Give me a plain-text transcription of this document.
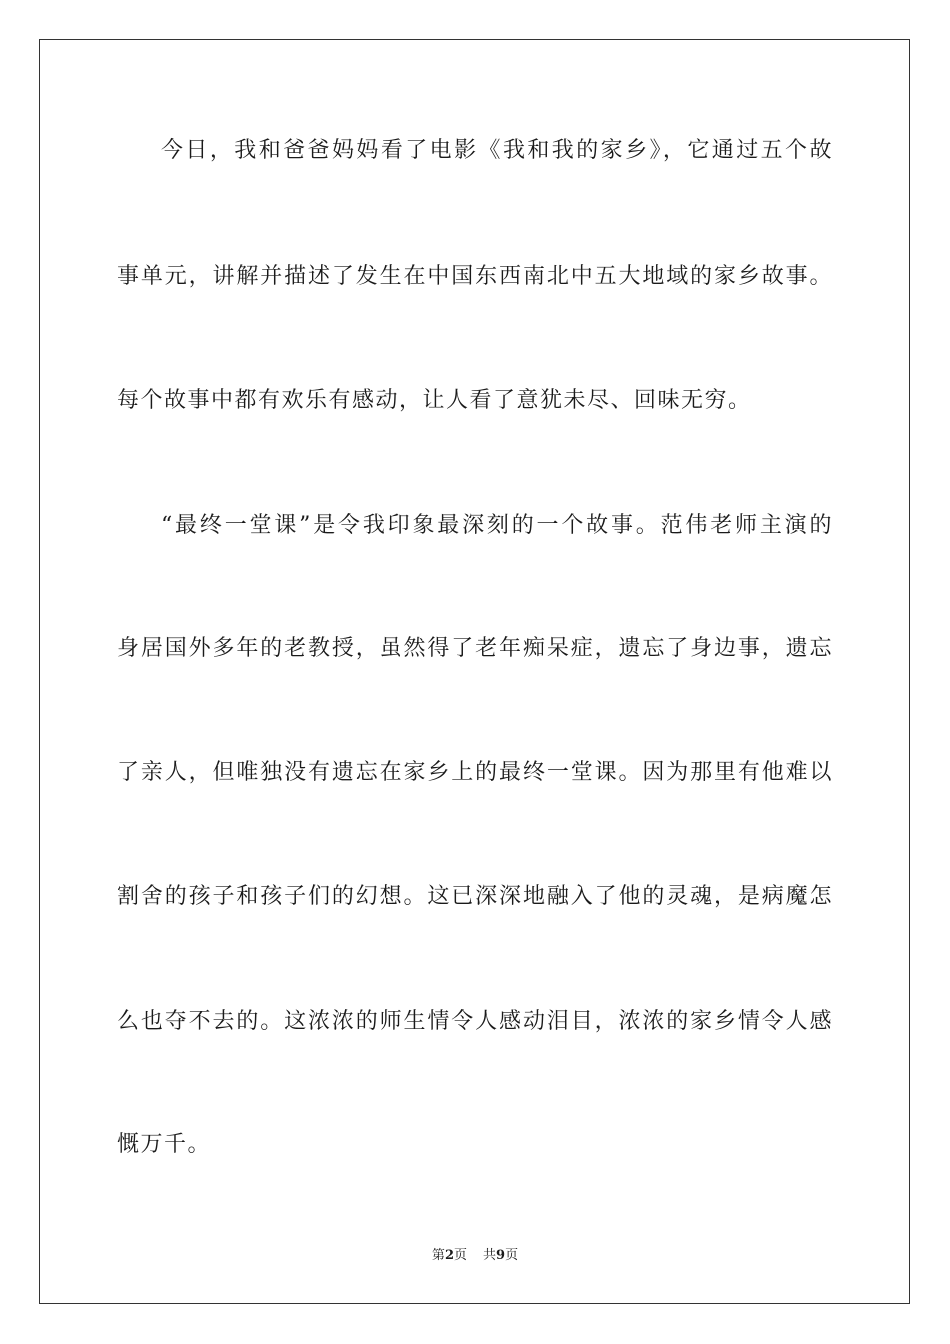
今日，我和爸爸妈妈看了电影《我和我的家乡》，它通过五个故
事单元，讲解并描述了发生在中国东西南北中五大地域的家乡故事。
每个故事中都有欢乐有感动，让人看了意犹未尽、回味无穷。
“最终一堂课”是令我印象最深刻的一个故事。范伟老师主演的
身居国外多年的老教授，虽然得了老年痴呆症，遗忘了身边事，遗忘
了亲人，但唯独没有遗忘在家乡上的最终一堂课。因为那里有他难以
割舍的孩子和孩子们的幻想。这已深深地融入了他的灵魂，是病魔怎
么也夺不去的。这浓浓的师生情令人感动泪目，浓浓的家乡情令人感
慨万千。
第2页 共9页
